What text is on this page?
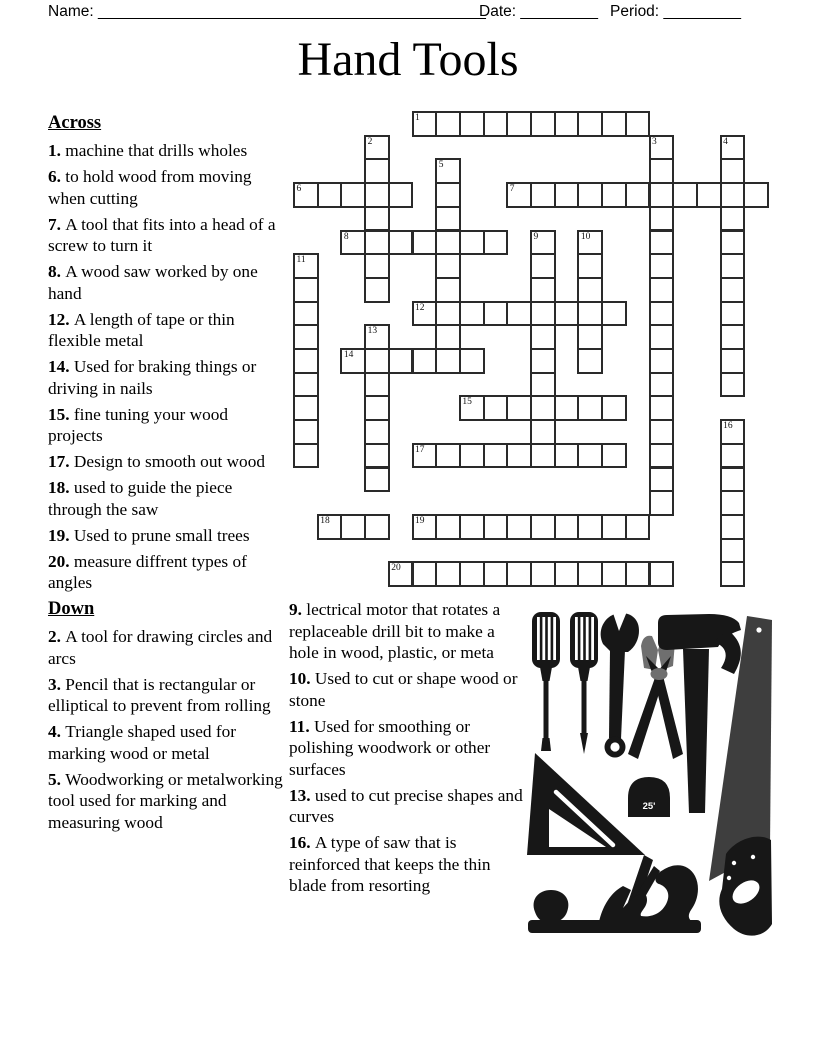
Name: _____________________________________________
Date: _________ Period: _________
Hand Tools
1
2	3	4
5
6	7
8	9	10
11
12
13
14
15
16
17
18	19
20
Across

1. machine that drills wholes

6. to hold wood from moving when cutting

7. A tool that fits into a head of a screw to turn it

8. A wood saw worked by one hand

12. A length of tape or thin flexible metal

14. Used for braking things or driving in nails

15. fine tuning your wood projects

17. Design to smooth out wood

18. used to guide the piece through the saw

19. Used to prune small trees

20. measure diffrent types of angles

Down

2. A tool for drawing circles and arcs

3. Pencil that is rectangular or elliptical to prevent from rolling

4. Triangle shaped used for marking wood or metal

5. Woodworking or metalworking tool used for marking and measuring wood

9. lectrical motor that rotates a replaceable drill bit to make a hole in wood, plastic, or meta

10. Used to cut or shape wood or stone

11. Used for smoothing or polishing woodwork or other surfaces

13. used to cut precise shapes and curves

16. A type of saw that is reinforced that keeps the thin blade from resorting

25'
